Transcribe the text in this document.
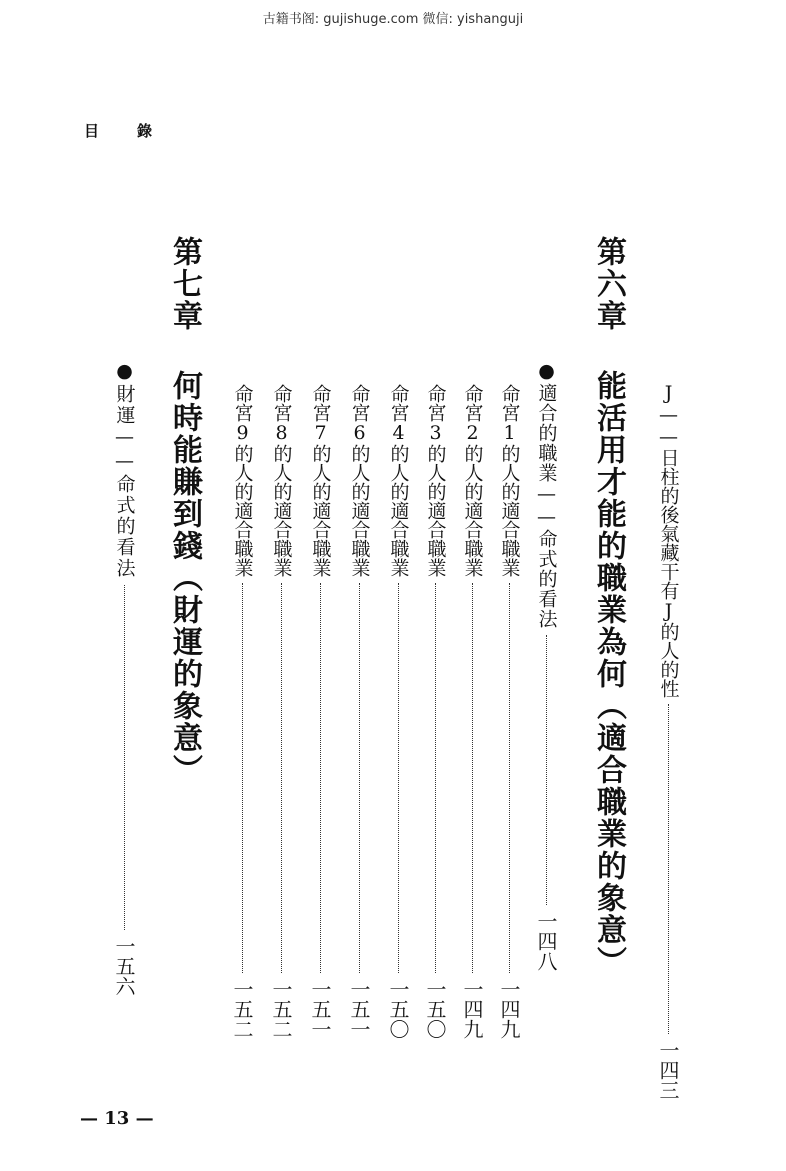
古籍书阁: gujishuge.com 微信: yishanguji
目錄
J——日柱的後氣藏干有J的人的性
一四三
第六章
能活用才能的職業為何︵適合職業的象意︶
●適合的職業——命式的看法
一四八
命宮1的人的適合職業
一四九
命宮2的人的適合職業
一四九
命宮3的人的適合職業
一五〇
命宮4的人的適合職業
一五〇
命宮6的人的適合職業
一五一
命宮7的人的適合職業
一五一
命宮8的人的適合職業
一五二
命宮9的人的適合職業
一五二
第七章
何時能賺到錢︵財運的象意︶
●財運——命式的看法
一五六
— 13 —
